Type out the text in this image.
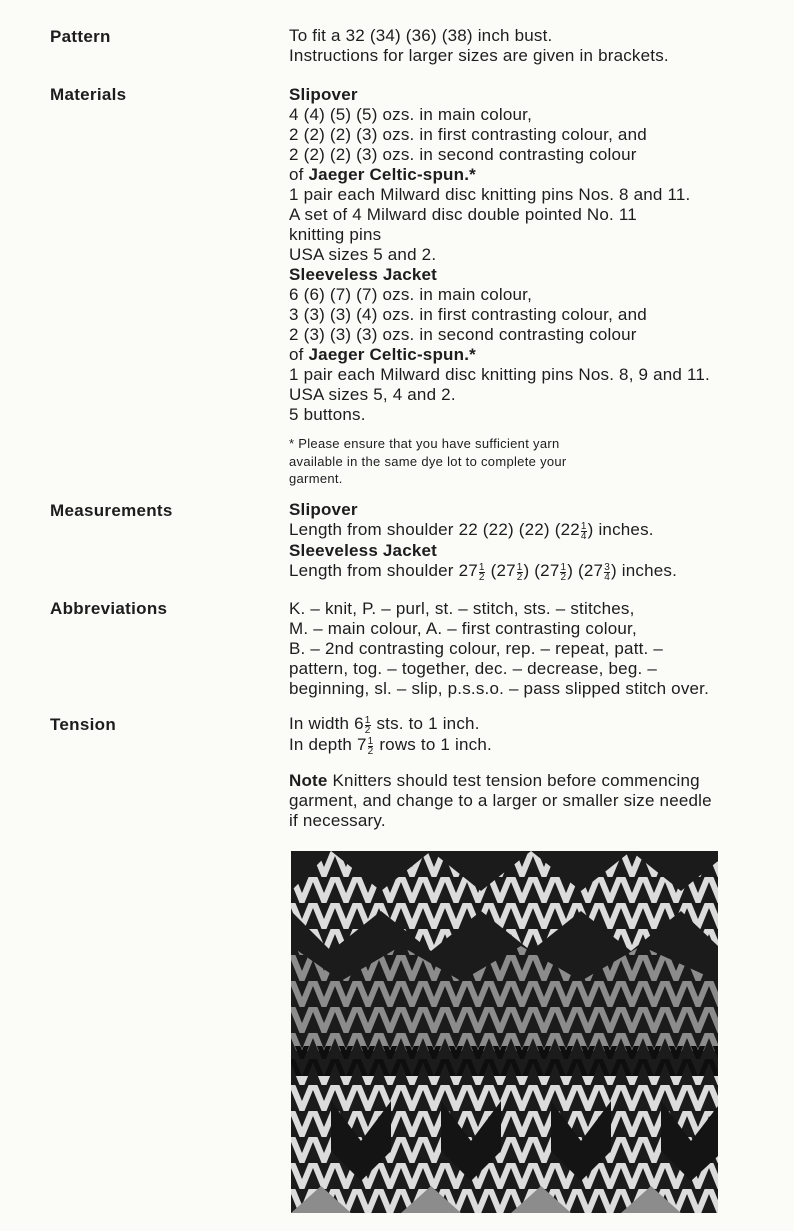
Pattern	To fit a 32 (34) (36) (38) inch bust.
Instructions for larger sizes are given in brackets.
Materials	Slipover
4 (4) (5) (5) ozs. in main colour,
2 (2) (2) (3) ozs. in first contrasting colour, and
2 (2) (2) (3) ozs. in second contrasting colour
of Jaeger Celtic-spun.*
1 pair each Milward disc knitting pins Nos. 8 and 11.
A set of 4 Milward disc double pointed No. 11
knitting pins
USA sizes 5 and 2.
Sleeveless Jacket
6 (6) (7) (7) ozs. in main colour,
3 (3) (3) (4) ozs. in first contrasting colour, and
2 (3) (3) (3) ozs. in second contrasting colour
of Jaeger Celtic-spun.*
1 pair each Milward disc knitting pins Nos. 8, 9 and 11.
USA sizes 5, 4 and 2.
5 buttons.
* Please ensure that you have sufficient yarn
available in the same dye lot to complete your
garment.
Measurements	Slipover
Length from shoulder 22 (22) (22) ($22 \frac{1}{4}$ ) inches.
Sleeveless Jacket
Length from shoulder $27 \frac{1}{2} (27 \frac{1}{2}$ ) ($27 \frac{1}{2}$ ) ($27 \frac{3}{4}$ ) inches.
Abbreviations	K. – knit, P. – purl, st. – stitch, sts. – stitches,
M. – main colour, A. – first contrasting colour,
B. – 2nd contrasting colour, rep. – repeat, patt. –
pattern, tog. – together, dec. – decrease, beg. –
beginning, sl. – slip, p.s.s.o. – pass slipped stitch over.
Tension	In width $6 \frac{1}{2}$ sts. to 1 inch.
In depth $7 \frac{1}{2}$ rows to 1 inch.
Note Knitters should test tension before commencing
garment, and change to a larger or smaller size needle
if necessary.
